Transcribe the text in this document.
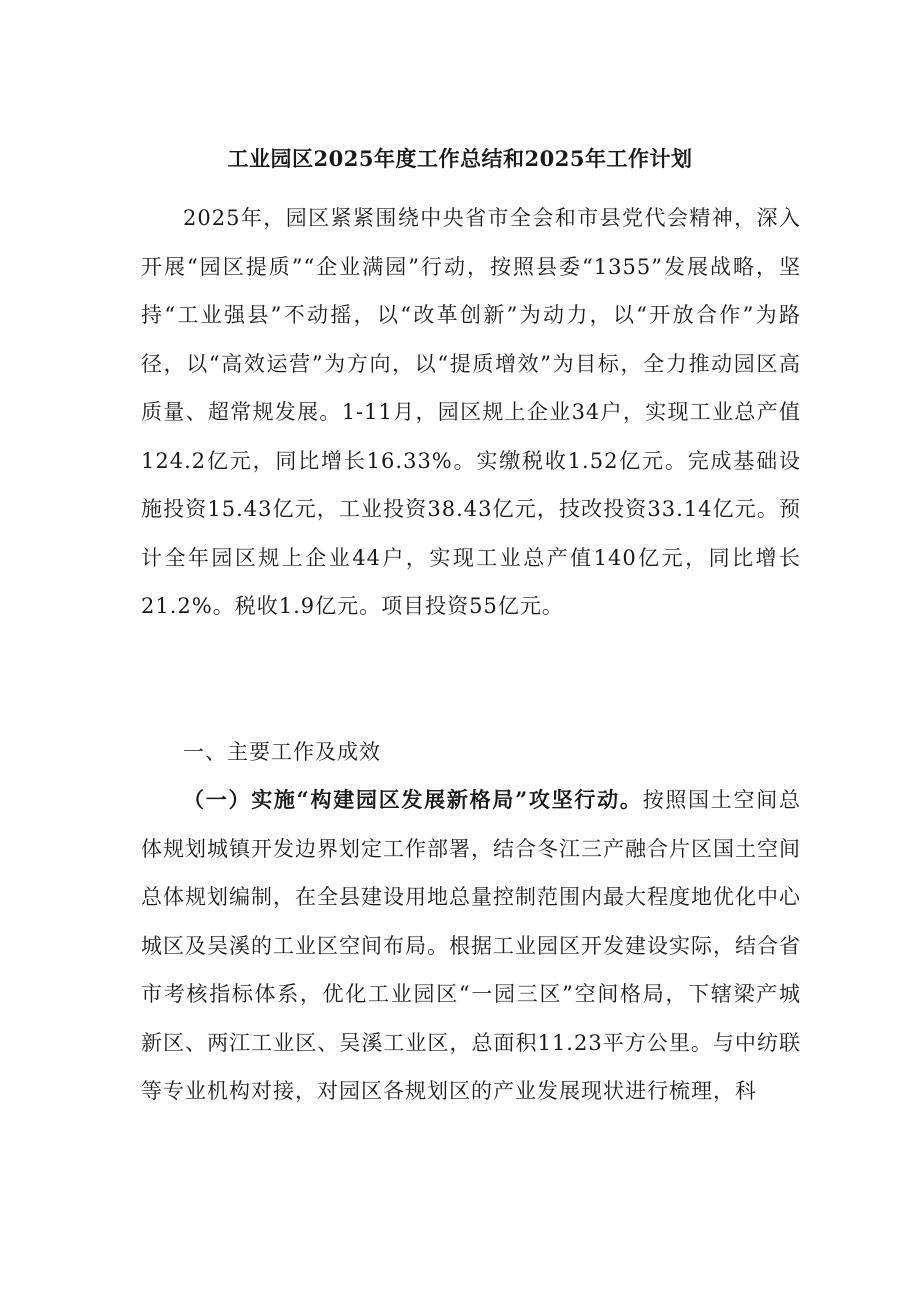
工业园区2025年度工作总结和2025年工作计划

2025年，园区紧紧围绕中央省市全会和市县党代会精神，深入开展“园区提质”“企业满园”行动，按照县委“1355”发展战略，坚持“工业强县”不动摇，以“改革创新”为动力，以“开放合作”为路径，以“高效运营”为方向，以“提质增效”为目标，全力推动园区高质量、超常规发展。1-11月，园区规上企业34户，实现工业总产值124.2亿元，同比增长16.33%。实缴税收1.52亿元。完成基础设施投资15.43亿元，工业投资38.43亿元，技改投资33.14亿元。预计全年园区规上企业44户，实现工业总产值140亿元，同比增长21.2%。税收1.9亿元。项目投资55亿元。

一、主要工作及成效

（一）实施“构建园区发展新格局”攻坚行动。按照国土空间总体规划城镇开发边界划定工作部署，结合冬江三产融合片区国土空间总体规划编制，在全县建设用地总量控制范围内最大程度地优化中心城区及吴溪的工业区空间布局。根据工业园区开发建设实际，结合省市考核指标体系，优化工业园区“一园三区”空间格局，下辖梁产城新区、两江工业区、吴溪工业区，总面积11.23平方公里。与中纺联等专业机构对接，对园区各规划区的产业发展现状进行梳理，科
